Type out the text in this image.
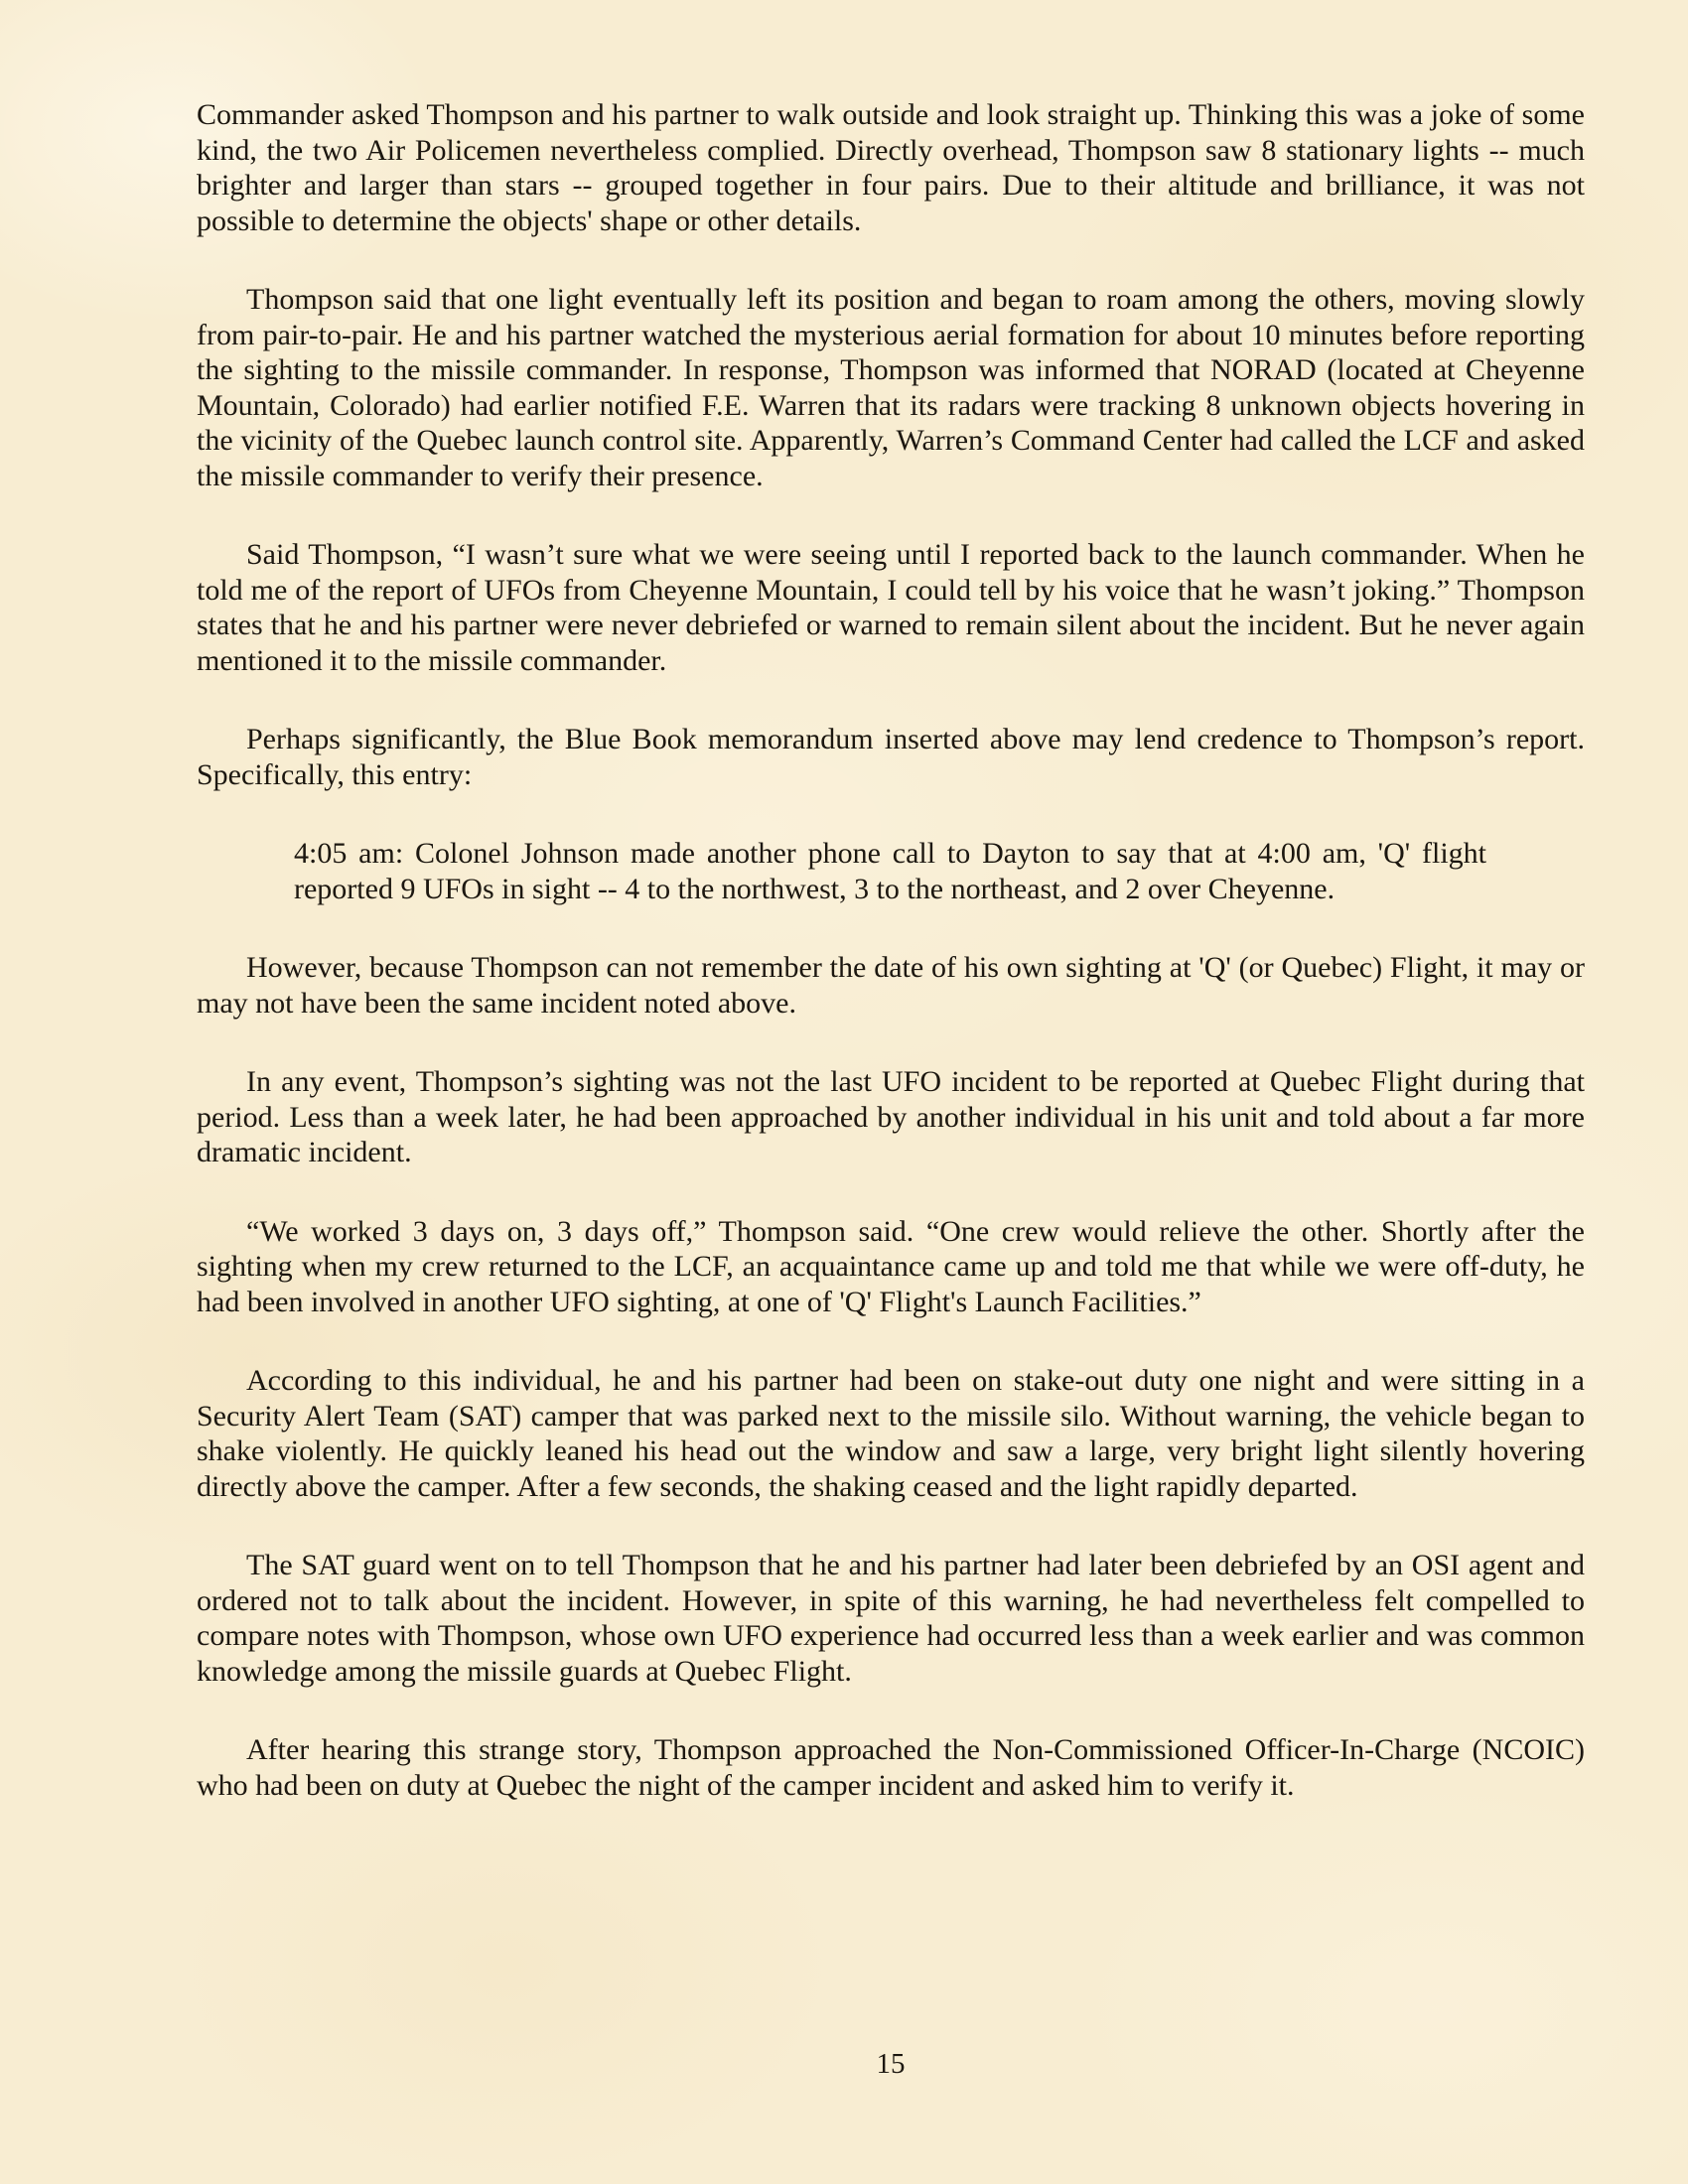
Commander asked Thompson and his partner to walk outside and look straight up. Thinking this was a joke of some kind, the two Air Policemen nevertheless complied. Directly overhead, Thompson saw 8 stationary lights -- much brighter and larger than stars -- grouped together in four pairs. Due to their altitude and brilliance, it was not possible to determine the objects' shape or other details.

Thompson said that one light eventually left its position and began to roam among the others, moving slowly from pair-to-pair. He and his partner watched the mysterious aerial formation for about 10 minutes before reporting the sighting to the missile commander. In response, Thompson was informed that NORAD (located at Cheyenne Mountain, Colorado) had earlier notified F.E. Warren that its radars were tracking 8 unknown objects hovering in the vicinity of the Quebec launch control site. Apparently, Warren’s Command Center had called the LCF and asked the missile commander to verify their presence.

Said Thompson, “I wasn’t sure what we were seeing until I reported back to the launch commander. When he told me of the report of UFOs from Cheyenne Mountain, I could tell by his voice that he wasn’t joking.” Thompson states that he and his partner were never debriefed or warned to remain silent about the incident. But he never again mentioned it to the missile commander.

Perhaps significantly, the Blue Book memorandum inserted above may lend credence to Thompson’s report. Specifically, this entry:

4:05 am: Colonel Johnson made another phone call to Dayton to say that at 4:00 am, 'Q' flight reported 9 UFOs in sight -- 4 to the northwest, 3 to the northeast, and 2 over Cheyenne.

However, because Thompson can not remember the date of his own sighting at 'Q' (or Quebec) Flight, it may or may not have been the same incident noted above.

In any event, Thompson’s sighting was not the last UFO incident to be reported at Quebec Flight during that period. Less than a week later, he had been approached by another individual in his unit and told about a far more dramatic incident.

“We worked 3 days on, 3 days off,” Thompson said. “One crew would relieve the other. Shortly after the sighting when my crew returned to the LCF, an acquaintance came up and told me that while we were off-duty, he had been involved in another UFO sighting, at one of 'Q' Flight's Launch Facilities.”

According to this individual, he and his partner had been on stake-out duty one night and were sitting in a Security Alert Team (SAT) camper that was parked next to the missile silo. Without warning, the vehicle began to shake violently. He quickly leaned his head out the window and saw a large, very bright light silently hovering directly above the camper. After a few seconds, the shaking ceased and the light rapidly departed.

The SAT guard went on to tell Thompson that he and his partner had later been debriefed by an OSI agent and ordered not to talk about the incident. However, in spite of this warning, he had nevertheless felt compelled to compare notes with Thompson, whose own UFO experience had occurred less than a week earlier and was common knowledge among the missile guards at Quebec Flight.

After hearing this strange story, Thompson approached the Non-Commissioned Officer-In-Charge (NCOIC) who had been on duty at Quebec the night of the camper incident and asked him to verify it.

15
